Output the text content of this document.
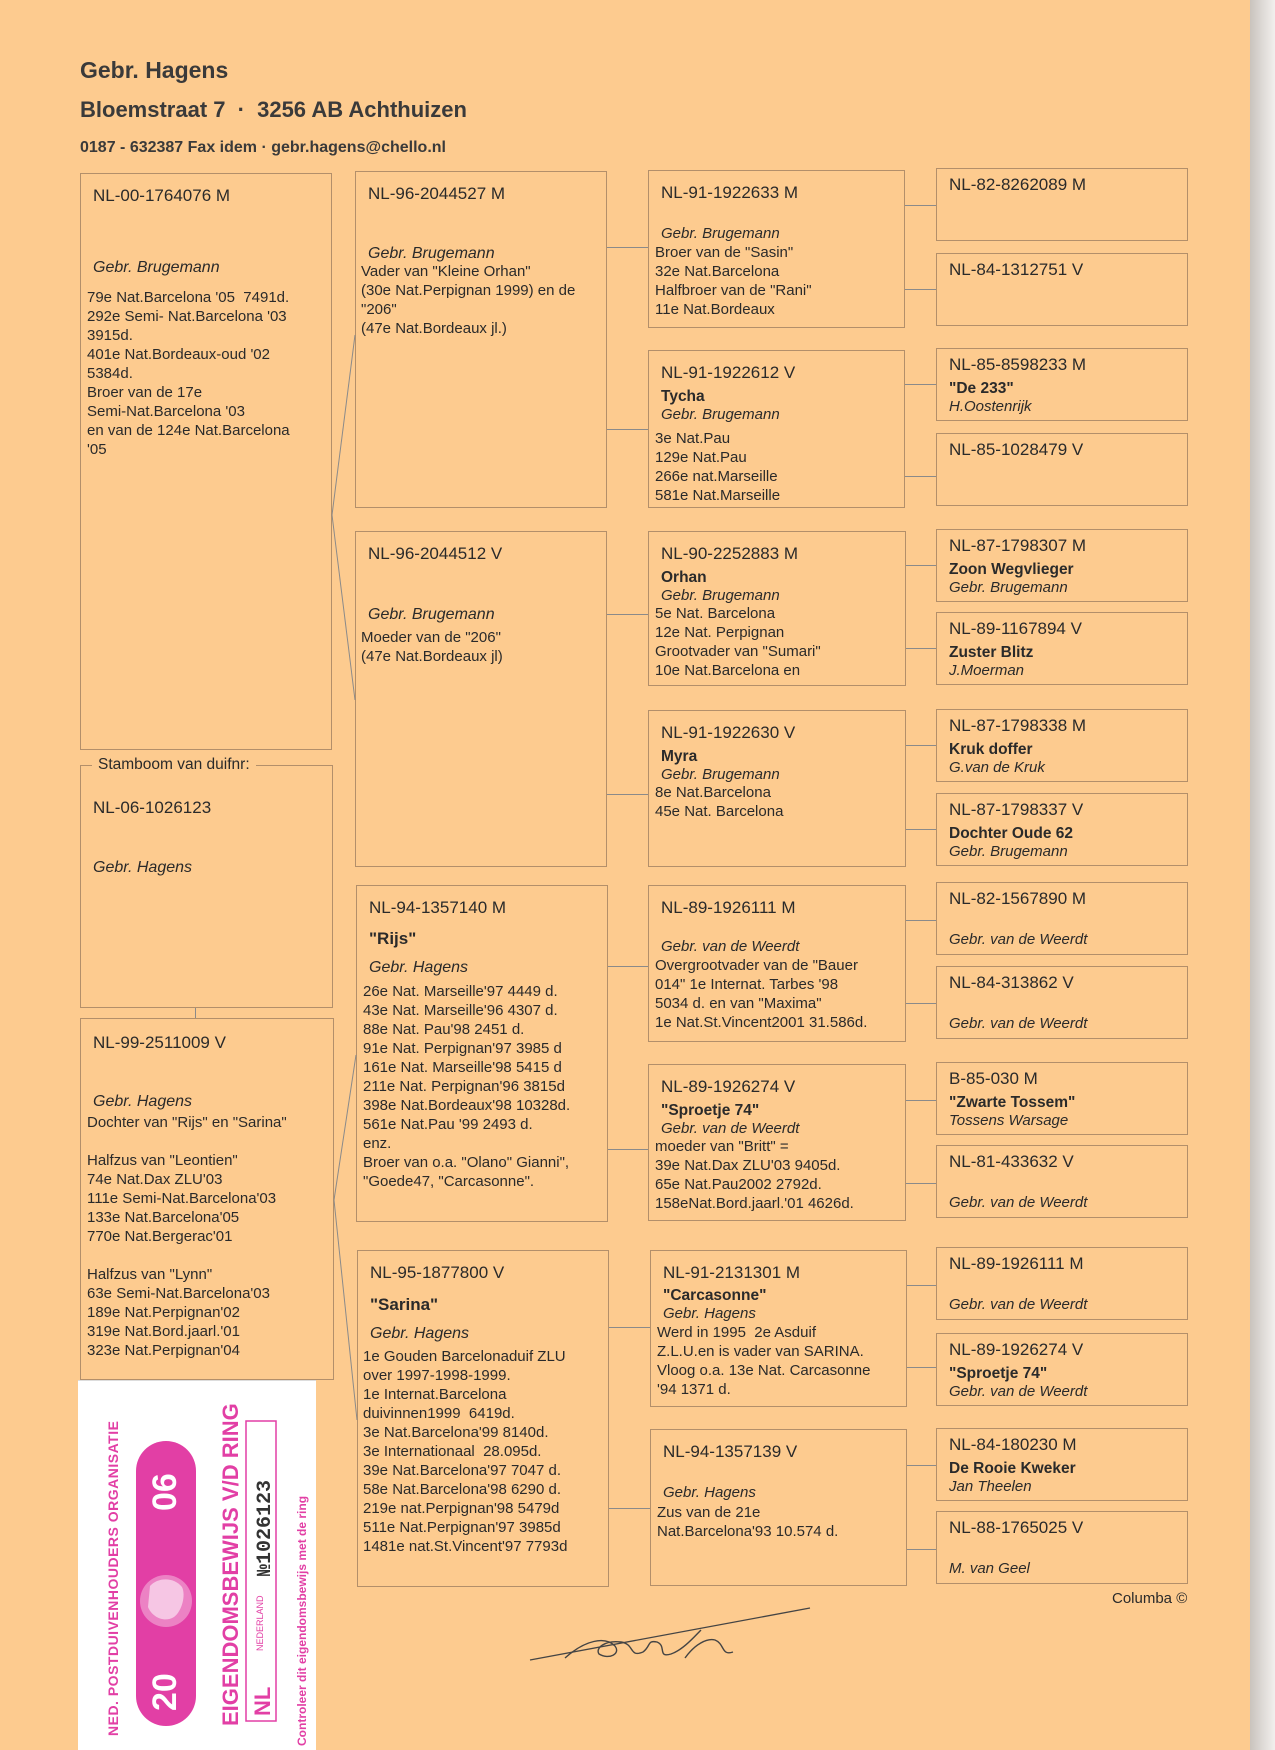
Gebr. Hagens
Bloemstraat 7 · 3256 AB Achthuizen
0187 - 632387 Fax idem · gebr.hagens@chello.nl
NL-00-1764076 M
Gebr. Brugemann
79e Nat.Barcelona '05  7491d.
292e Semi- Nat.Barcelona '03
3915d.
401e Nat.Bordeaux-oud '02
5384d.
Broer van de 17e
Semi-Nat.Barcelona '03
en van de 124e Nat.Barcelona
'05
NL-06-1026123
Gebr. Hagens
Stamboom van duifnr:
NL-99-2511009 V
Gebr. Hagens
Dochter van "Rijs" en "Sarina"

Halfzus van "Leontien"
74e Nat.Dax ZLU'03
111e Semi-Nat.Barcelona'03
133e Nat.Barcelona'05
770e Nat.Bergerac'01

Halfzus van "Lynn"
63e Semi-Nat.Barcelona'03
189e Nat.Perpignan'02
319e Nat.Bord.jaarl.'01
323e Nat.Perpignan'04
NL-96-2044527 M
Gebr. Brugemann
Vader van "Kleine Orhan"
(30e Nat.Perpignan 1999) en de
"206"
(47e Nat.Bordeaux jl.)
NL-96-2044512 V
Gebr. Brugemann
Moeder van de "206"
(47e Nat.Bordeaux jl)
NL-94-1357140 M
"Rijs"
Gebr. Hagens
26e Nat. Marseille'97 4449 d.
43e Nat. Marseille'96 4307 d.
88e Nat. Pau'98 2451 d.
91e Nat. Perpignan'97 3985 d
161e Nat. Marseille'98 5415 d
211e Nat. Perpignan'96 3815d
398e Nat.Bordeaux'98 10328d.
561e Nat.Pau '99 2493 d.
enz.
Broer van o.a. "Olano" Gianni",
"Goede47, "Carcasonne".
NL-95-1877800 V
"Sarina"
Gebr. Hagens
1e Gouden Barcelonaduif ZLU
over 1997-1998-1999.
1e Internat.Barcelona
duivinnen1999  6419d.
3e Nat.Barcelona'99 8140d.
3e Internationaal  28.095d.
39e Nat.Barcelona'97 7047 d.
58e Nat.Barcelona'98 6290 d.
219e nat.Perpignan'98 5479d
511e Nat.Perpignan'97 3985d
1481e nat.St.Vincent'97 7793d
NL-91-1922633 M
Gebr. Brugemann
Broer van de "Sasin"
32e Nat.Barcelona
Halfbroer van de "Rani"
11e Nat.Bordeaux
NL-91-1922612 V
Tycha
Gebr. Brugemann
3e Nat.Pau
129e Nat.Pau
266e nat.Marseille
581e Nat.Marseille
NL-90-2252883 M
Orhan
Gebr. Brugemann
5e Nat. Barcelona
12e Nat. Perpignan
Grootvader van "Sumari"
10e Nat.Barcelona en
NL-91-1922630 V
Myra
Gebr. Brugemann
8e Nat.Barcelona
45e Nat. Barcelona
NL-89-1926111 M
Gebr. van de Weerdt
Overgrootvader van de "Bauer
014" 1e Internat. Tarbes '98
5034 d. en van "Maxima"
1e Nat.St.Vincent2001 31.586d.
NL-89-1926274 V
"Sproetje 74"
Gebr. van de Weerdt
moeder van "Britt" =
39e Nat.Dax ZLU'03 9405d.
65e Nat.Pau2002 2792d.
158eNat.Bord.jaarl.'01 4626d.
NL-91-2131301 M
"Carcasonne"
Gebr. Hagens
Werd in 1995  2e Asduif
Z.L.U.en is vader van SARINA.
Vloog o.a. 13e Nat. Carcasonne
'94 1371 d.
NL-94-1357139 V
Gebr. Hagens
Zus van de 21e
Nat.Barcelona'93 10.574 d.
NL-82-8262089 M
NL-84-1312751 V
NL-85-8598233 M
"De 233"
H.Oostenrijk
NL-85-1028479 V
NL-87-1798307 M
Zoon Wegvlieger
Gebr. Brugemann
NL-89-1167894 V
Zuster Blitz
J.Moerman
NL-87-1798338 M
Kruk doffer
G.van de Kruk
NL-87-1798337 V
Dochter Oude 62
Gebr. Brugemann
NL-82-1567890 M
Gebr. van de Weerdt
NL-84-313862 V
Gebr. van de Weerdt
B-85-030 M
"Zwarte Tossem"
Tossens Warsage
NL-81-433632 V
Gebr. van de Weerdt
NL-89-1926111 M
Gebr. van de Weerdt
NL-89-1926274 V
"Sproetje 74"
Gebr. van de Weerdt
NL-84-180230 M
De Rooie Kweker
Jan Theelen
NL-88-1765025 V
M. van Geel
Columba ©
NED. POSTDUIVENHOUDERS ORGANISATIE 20
06 EIGENDOMSBEWIJS V/D RING NL
№1026123
NEDERLAND	Controleer dit eigendomsbewijs met de ring
